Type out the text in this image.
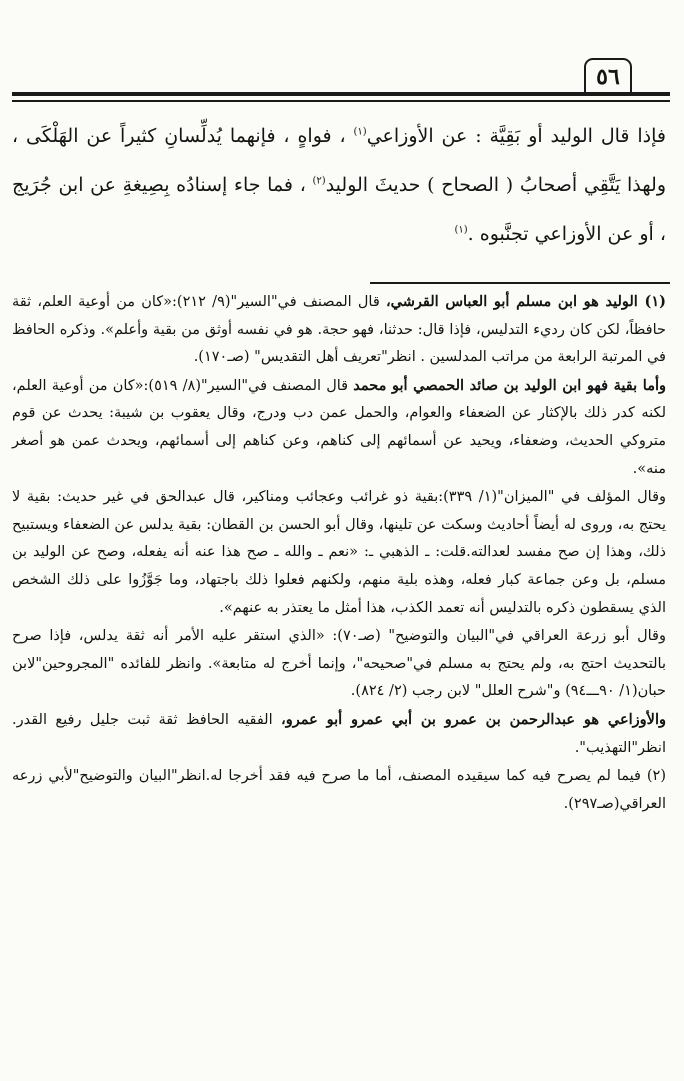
٥٦

فإذا قال الوليد أو بَقِيَّة : عن الأوزاعي$^{(١)}$ ، فواهٍ ، فإنهما يُدلِّسانِ كثيراً عن الهَلْكَى ، ولهذا يَتَّقِي أصحابُ ( الصحاح ) حديثَ الوليد$^{(٢)}$ ، فما جاء إسنادُه بِصِيغةِ عن ابن جُرَيج ، أو عن الأوزاعي تجنَّبوه .$^{(١)}$

(١) الوليد هو ابن مسلم أبو العباس القرشي، قال المصنف في"السير"(٩/ ٢١٢):«كان من أوعية العلم، ثقة حافظاً، لكن كان رديء التدليس، فإذا قال: حدثنا، فهو حجة. هو في نفسه أوثق من بقية وأعلم». وذكره الحافظ في المرتبة الرابعة من مراتب المدلسين . انظر"تعريف أهل التقديس" (صـ١٧٠).

وأما بقية فهو ابن الوليد بن صائد الحمصي أبو محمد قال المصنف في"السير"(٨/ ٥١٩):«كان من أوعية العلم، لكنه كدر ذلك بالإكثار عن الضعفاء والعوام، والحمل عمن دب ودرج، وقال يعقوب بن شيبة: يحدث عن قوم متروكي الحديث، وضعفاء، ويحيد عن أسمائهم إلى كناهم، وعن كناهم إلى أسمائهم، ويحدث عمن هو أصغر منه».

وقال المؤلف في "الميزان"(١/ ٣٣٩):بقية ذو غرائب وعجائب ومناكير، قال عبدالحق في غير حديث: بقية لا يحتج به، وروى له أيضاً أحاديث وسكت عن تلينها، وقال أبو الحسن بن القطان: بقية يدلس عن الضعفاء ويستبيح ذلك، وهذا إن صح مفسد لعدالته.قلت: ـ الذهبي ـ: «نعم ـ والله ـ صح هذا عنه أنه يفعله، وصح عن الوليد بن مسلم، بل وعن جماعة كبار فعله، وهذه بلية منهم، ولكنهم فعلوا ذلك باجتهاد، وما جَوَّزُوا على ذلك الشخص الذي يسقطون ذكره بالتدليس أنه تعمد الكذب، هذا أمثل ما يعتذر به عنهم».

وقال أبو زرعة العراقي في"البيان والتوضيح" (صـ٧٠): «الذي استقر عليه الأمر أنه ثقة يدلس، فإذا صرح بالتحديث احتج به، ولم يحتج به مسلم في"صحيحه"، وإنما أخرج له متابعة». وانظر للفائده "المجروحين"لابن حبان(١/ ٩٠ـــ٩٤) و"شرح العلل" لابن رجب (٢/ ٨٢٤).

والأوزاعي هو عبدالرحمن بن عمرو بن أبي عمرو أبو عمرو، الفقيه الحافظ ثقة ثبت جليل رفيع القدر. انظر"التهذيب".

(٢) فيما لم يصرح فيه كما سيقيده المصنف، أما ما صرح فيه فقد أخرجا له.انظر"البيان والتوضيح"لأبي زرعه العراقي(صـ٢٩٧).
